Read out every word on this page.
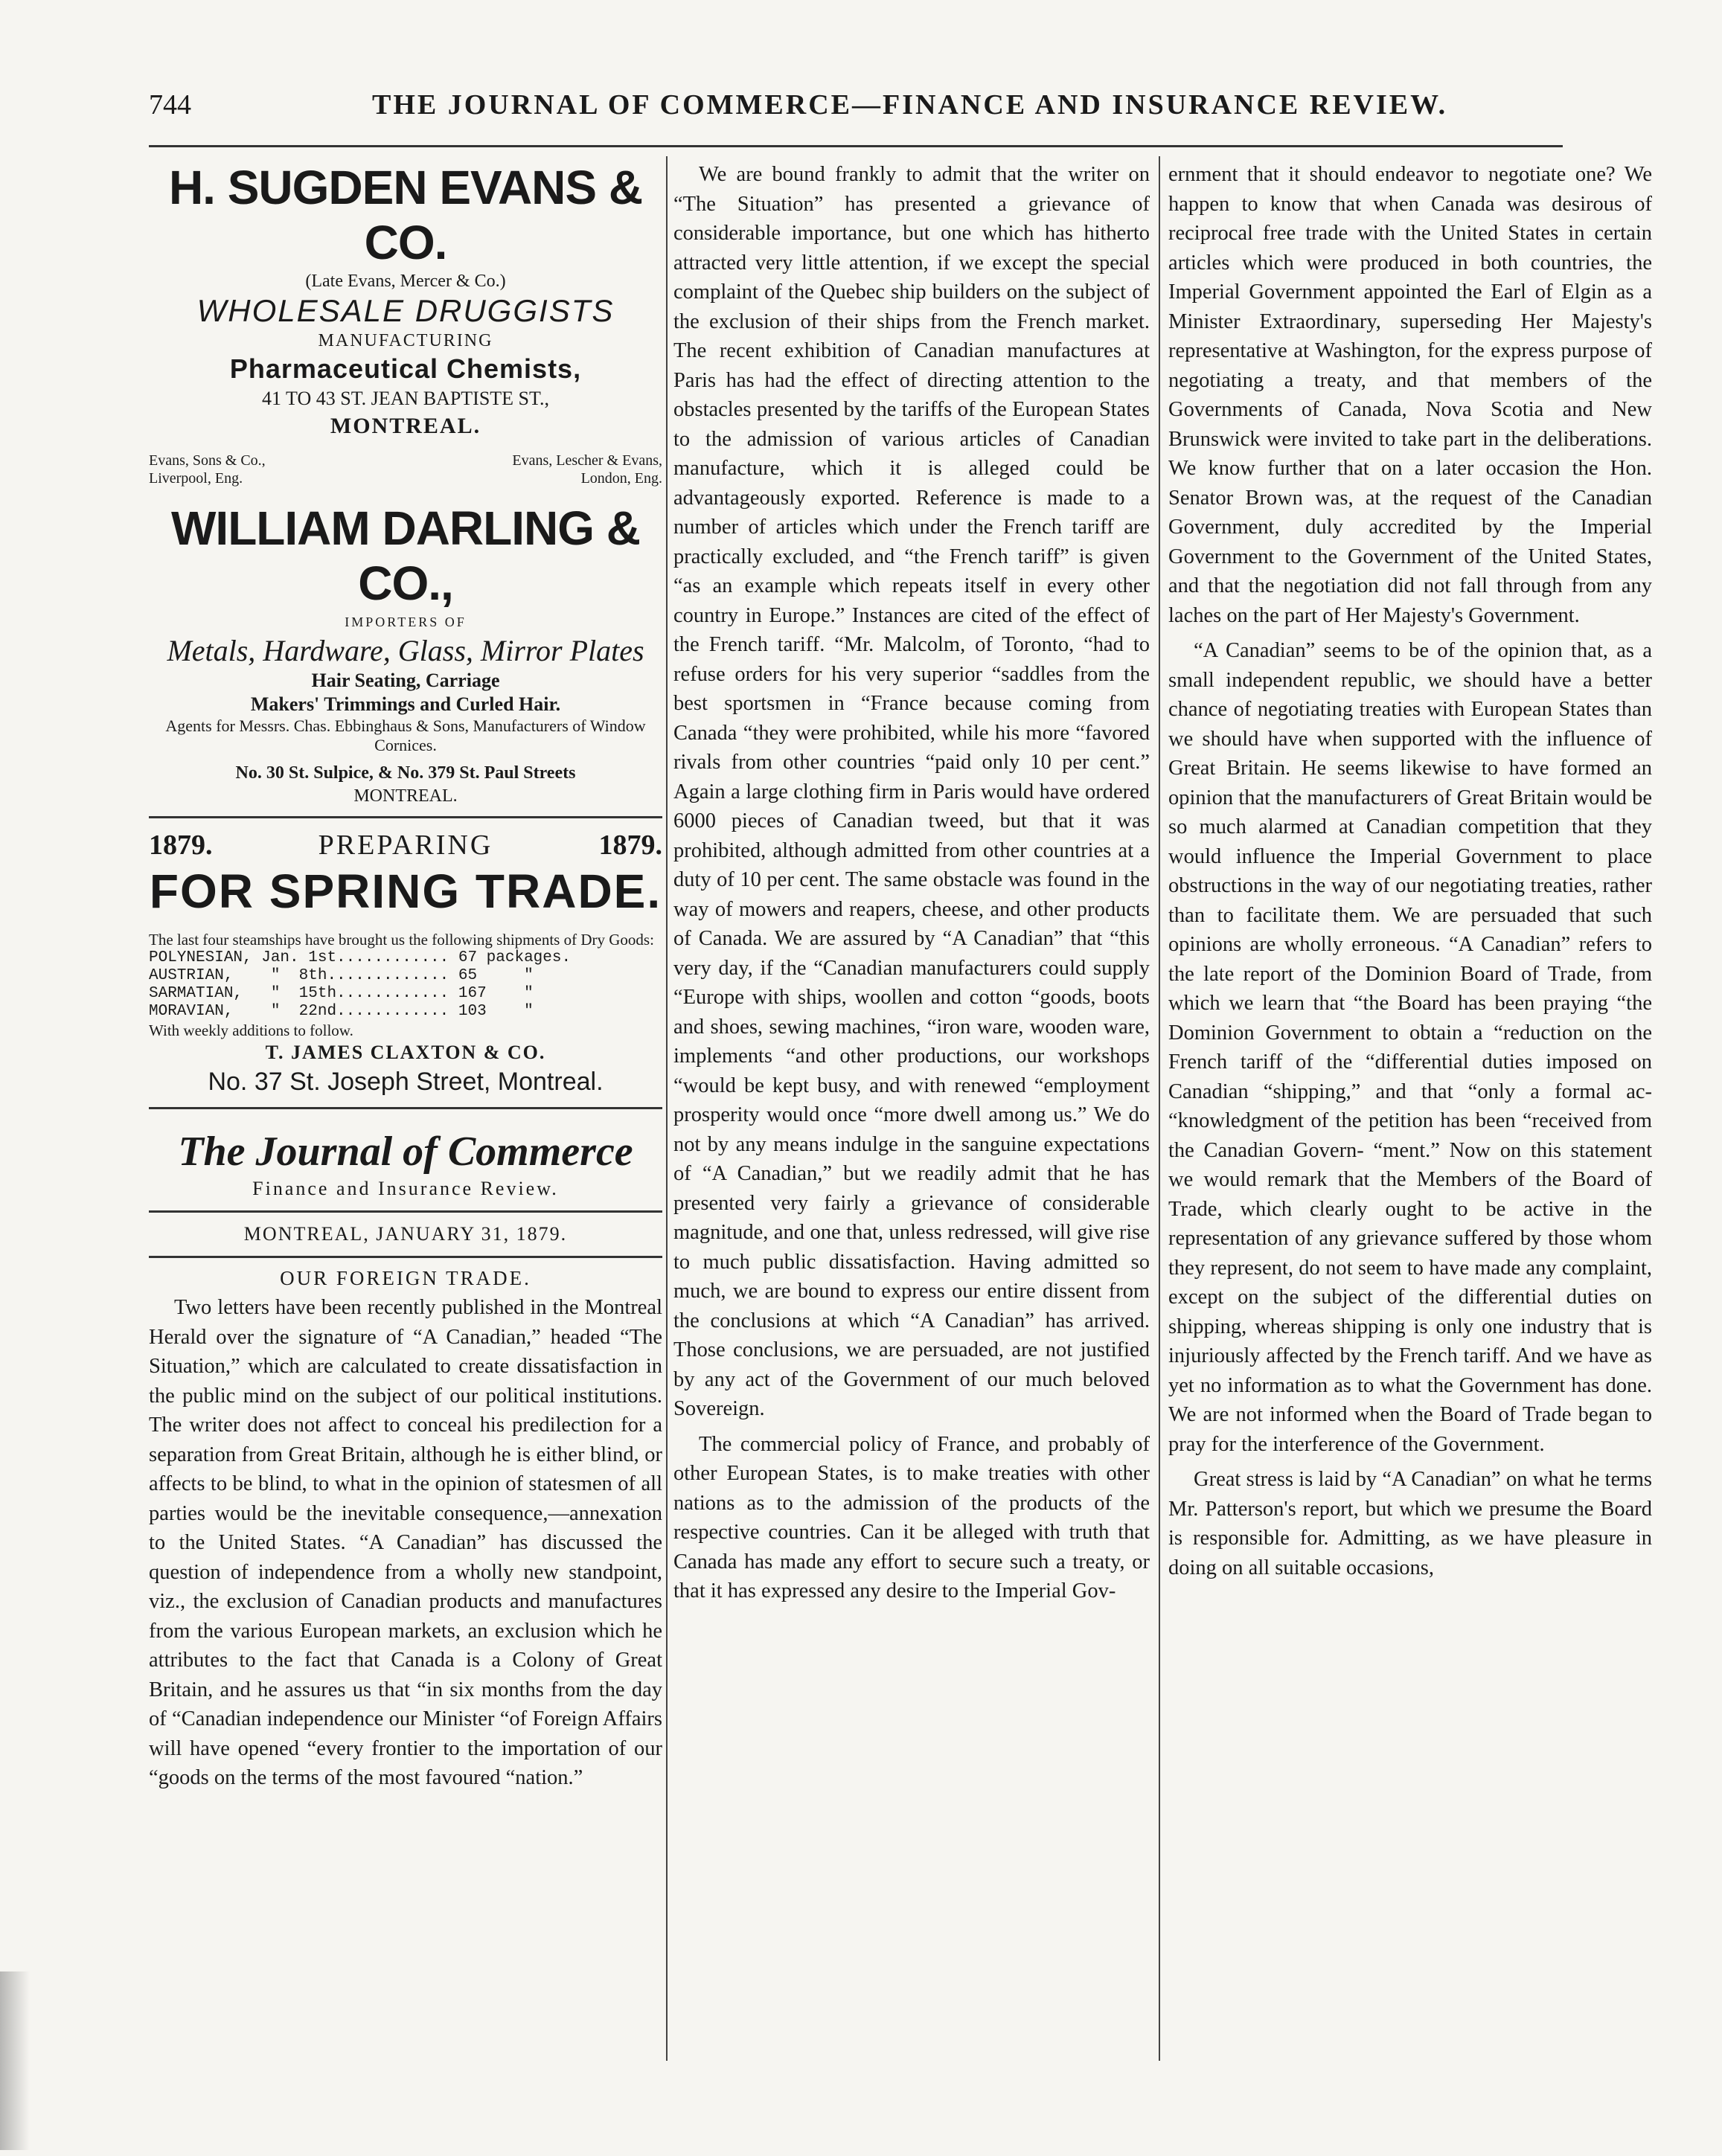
744	THE JOURNAL OF COMMERCE—FINANCE AND INSURANCE REVIEW.
H. SUGDEN EVANS & CO.
(Late Evans, Mercer & Co.)
WHOLESALE DRUGGISTS
MANUFACTURING
Pharmaceutical Chemists,
41 TO 43 ST. JEAN BAPTISTE ST.,
MONTREAL.
Evans, Sons & Co.,
Liverpool, Eng.
Evans, Lescher & Evans,
London, Eng.
WILLIAM DARLING & CO.,
IMPORTERS OF
Metals, Hardware, Glass, Mirror Plates
Hair Seating, Carriage
Makers' Trimmings and Curled Hair.
Agents for Messrs. Chas. Ebbinghaus & Sons, Manufacturers of Window Cornices.
No. 30 St. Sulpice, & No. 379 St. Paul Streets
MONTREAL.
1879.	PREPARING	1879.
FOR SPRING TRADE.
The last four steamships have brought us the following shipments of Dry Goods:
POLYNESIAN, Jan. 1st............ 67 packages.
AUSTRIAN,    "  8th............. 65     "
SARMATIAN,   "  15th............ 167    "
MORAVIAN,    "  22nd............ 103    "
With weekly additions to follow.
T. JAMES CLAXTON & CO.
No. 37 St. Joseph Street, Montreal.
The Journal of Commerce
Finance and Insurance Review.
MONTREAL, JANUARY 31, 1879.
OUR FOREIGN TRADE.

Two letters have been recently published in the Montreal Herald over the signature of “A Canadian,” headed “The Situation,” which are calculated to create dissatisfaction in the public mind on the subject of our political institutions. The writer does not affect to conceal his predilection for a separation from Great Britain, although he is either blind, or affects to be blind, to what in the opinion of statesmen of all parties would be the inevitable consequence,—annexation to the United States. “A Canadian” has discussed the question of independence from a wholly new standpoint, viz., the exclusion of Canadian products and manufactures from the various European markets, an exclusion which he attributes to the fact that Canada is a Colony of Great Britain, and he assures us that “in six months from the day of “Canadian independence our Minister “of Foreign Affairs will have opened “every frontier to the importation of our “goods on the terms of the most favoured “nation.”

We are bound frankly to admit that the writer on “The Situation” has presented a grievance of considerable importance, but one which has hitherto attracted very little attention, if we except the special complaint of the Quebec ship builders on the subject of the exclusion of their ships from the French market. The recent exhibition of Canadian manufactures at Paris has had the effect of directing attention to the obstacles presented by the tariffs of the European States to the admission of various articles of Canadian manufacture, which it is alleged could be advantageously exported. Reference is made to a number of articles which under the French tariff are practically excluded, and “the French tariff” is given “as an example which repeats itself in every other country in Europe.” Instances are cited of the effect of the French tariff. “Mr. Malcolm, of Toronto, “had to refuse orders for his very superior “saddles from the best sportsmen in “France because coming from Canada “they were prohibited, while his more “favored rivals from other countries “paid only 10 per cent.” Again a large clothing firm in Paris would have ordered 6000 pieces of Canadian tweed, but that it was prohibited, although admitted from other countries at a duty of 10 per cent. The same obstacle was found in the way of mowers and reapers, cheese, and other products of Canada. We are assured by “A Canadian” that “this very day, if the “Canadian manufacturers could supply “Europe with ships, woollen and cotton “goods, boots and shoes, sewing machines, “iron ware, wooden ware, implements “and other productions, our workshops “would be kept busy, and with renewed “employment prosperity would once “more dwell among us.” We do not by any means indulge in the sanguine expectations of “A Canadian,” but we readily admit that he has presented very fairly a grievance of considerable magnitude, and one that, unless redressed, will give rise to much public dissatisfaction. Having admitted so much, we are bound to express our entire dissent from the conclusions at which “A Canadian” has arrived. Those conclusions, we are persuaded, are not justified by any act of the Government of our much beloved Sovereign.

The commercial policy of France, and probably of other European States, is to make treaties with other nations as to the admission of the products of the respective countries. Can it be alleged with truth that Canada has made any effort to secure such a treaty, or that it has expressed any desire to the Imperial Gov-

ernment that it should endeavor to negotiate one? We happen to know that when Canada was desirous of reciprocal free trade with the United States in certain articles which were produced in both countries, the Imperial Government appointed the Earl of Elgin as a Minister Extraordinary, superseding Her Majesty's representative at Washington, for the express purpose of negotiating a treaty, and that members of the Governments of Canada, Nova Scotia and New Brunswick were invited to take part in the deliberations. We know further that on a later occasion the Hon. Senator Brown was, at the request of the Canadian Government, duly accredited by the Imperial Government to the Government of the United States, and that the negotiation did not fall through from any laches on the part of Her Majesty's Government.

“A Canadian” seems to be of the opinion that, as a small independent republic, we should have a better chance of negotiating treaties with European States than we should have when supported with the influence of Great Britain. He seems likewise to have formed an opinion that the manufacturers of Great Britain would be so much alarmed at Canadian competition that they would influence the Imperial Government to place obstructions in the way of our negotiating treaties, rather than to facilitate them. We are persuaded that such opinions are wholly erroneous. “A Canadian” refers to the late report of the Dominion Board of Trade, from which we learn that “the Board has been praying “the Dominion Government to obtain a “reduction on the French tariff of the “differential duties imposed on Canadian “shipping,” and that “only a formal ac- “knowledgment of the petition has been “received from the Canadian Govern- “ment.” Now on this statement we would remark that the Members of the Board of Trade, which clearly ought to be active in the representation of any grievance suffered by those whom they represent, do not seem to have made any complaint, except on the subject of the differential duties on shipping, whereas shipping is only one industry that is injuriously affected by the French tariff. And we have as yet no information as to what the Government has done. We are not informed when the Board of Trade began to pray for the interference of the Government.

Great stress is laid by “A Canadian” on what he terms Mr. Patterson's report, but which we presume the Board is responsible for. Admitting, as we have pleasure in doing on all suitable occasions,
